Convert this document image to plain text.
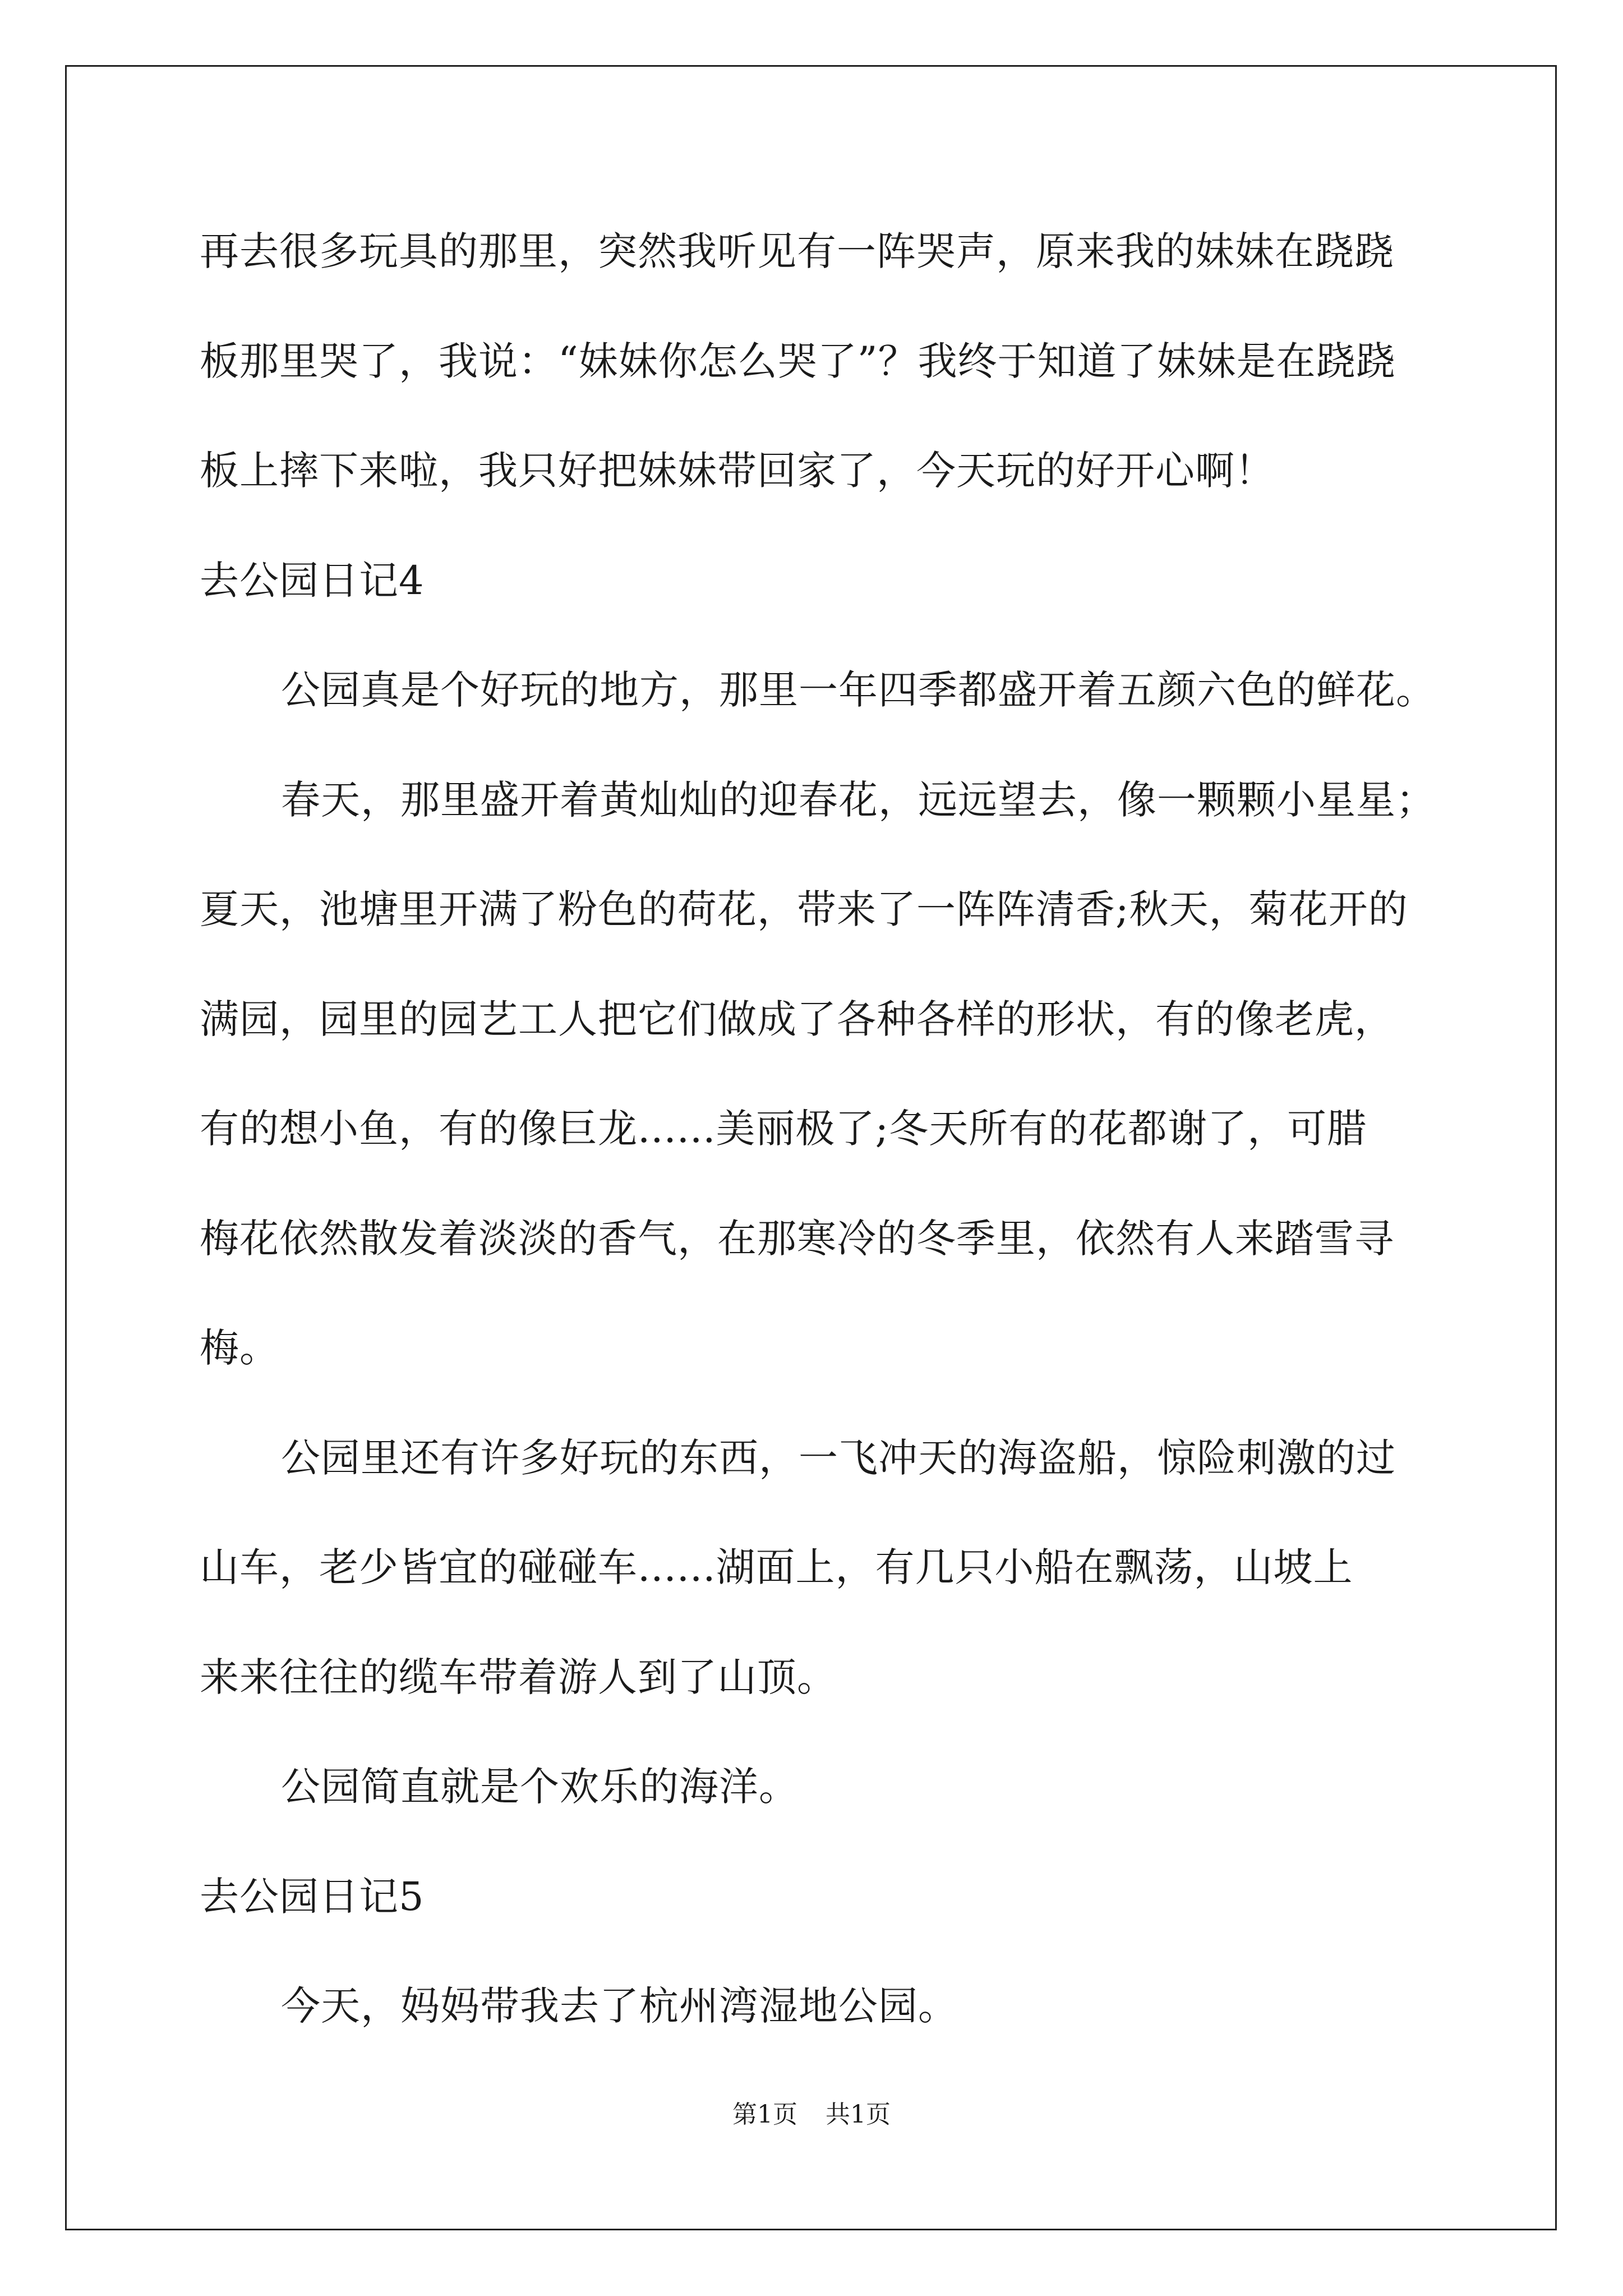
再去很多玩具的那里，突然我听见有一阵哭声，原来我的妹妹在跷跷
板那里哭了，我说：“妹妹你怎么哭了”？我终于知道了妹妹是在跷跷
板上摔下来啦，我只好把妹妹带回家了，今天玩的好开心啊！
去公园日记4
公园真是个好玩的地方，那里一年四季都盛开着五颜六色的鲜花。
春天，那里盛开着黄灿灿的迎春花，远远望去，像一颗颗小星星；
夏天，池塘里开满了粉色的荷花，带来了一阵阵清香;秋天，菊花开的
满园，园里的园艺工人把它们做成了各种各样的形状，有的像老虎，
有的想小鱼，有的像巨龙......美丽极了;冬天所有的花都谢了，可腊
梅花依然散发着淡淡的香气，在那寒冷的冬季里，依然有人来踏雪寻
梅。
公园里还有许多好玩的东西，一飞冲天的海盗船，惊险刺激的过
山车，老少皆宜的碰碰车......湖面上，有几只小船在飘荡，山坡上
来来往往的缆车带着游人到了山顶。
公园简直就是个欢乐的海洋。
去公园日记5
今天，妈妈带我去了杭州湾湿地公园。
第1页 共1页
